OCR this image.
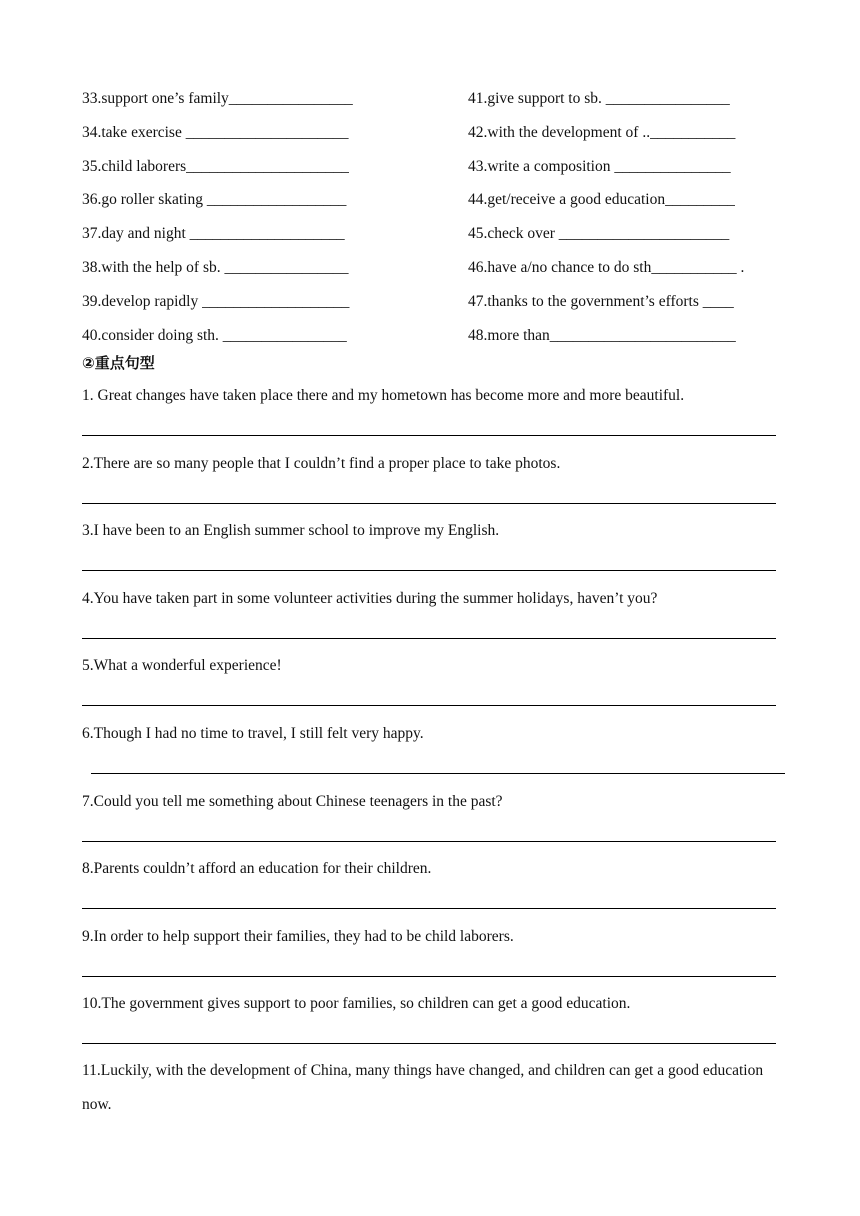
33.support one’s family________________	41.give support to sb. ________________
34.take exercise _____________________	42.with the development of ..___________
35.child laborers_____________________	43.write a composition _______________
36.go roller skating __________________	44.get/receive a good education_________
37.day and night ____________________	45.check over ______________________
38.with the help of sb. ________________	46.have a/no chance to do sth___________ .
39.develop rapidly ___________________	47.thanks to the government’s efforts ____
40.consider doing sth. ________________	48.more than________________________
②重点句型
1. Great changes have taken place there and my hometown has become more and more beautiful.
2.There are so many people that I couldn’t find a proper place to take photos.
3.I have been to an English summer school to improve my English.
4.You have taken part in some volunteer activities during the summer holidays, haven’t you?
5.What a wonderful experience!
6.Though I had no time to travel, I still felt very happy.
7.Could you tell me something about Chinese teenagers in the past?
8.Parents couldn’t afford an education for their children.
9.In order to help support their families, they had to be child laborers.
10.The government gives support to poor families, so children can get a good education.
11.Luckily, with the development of China, many things have changed, and children can get a good education now.
